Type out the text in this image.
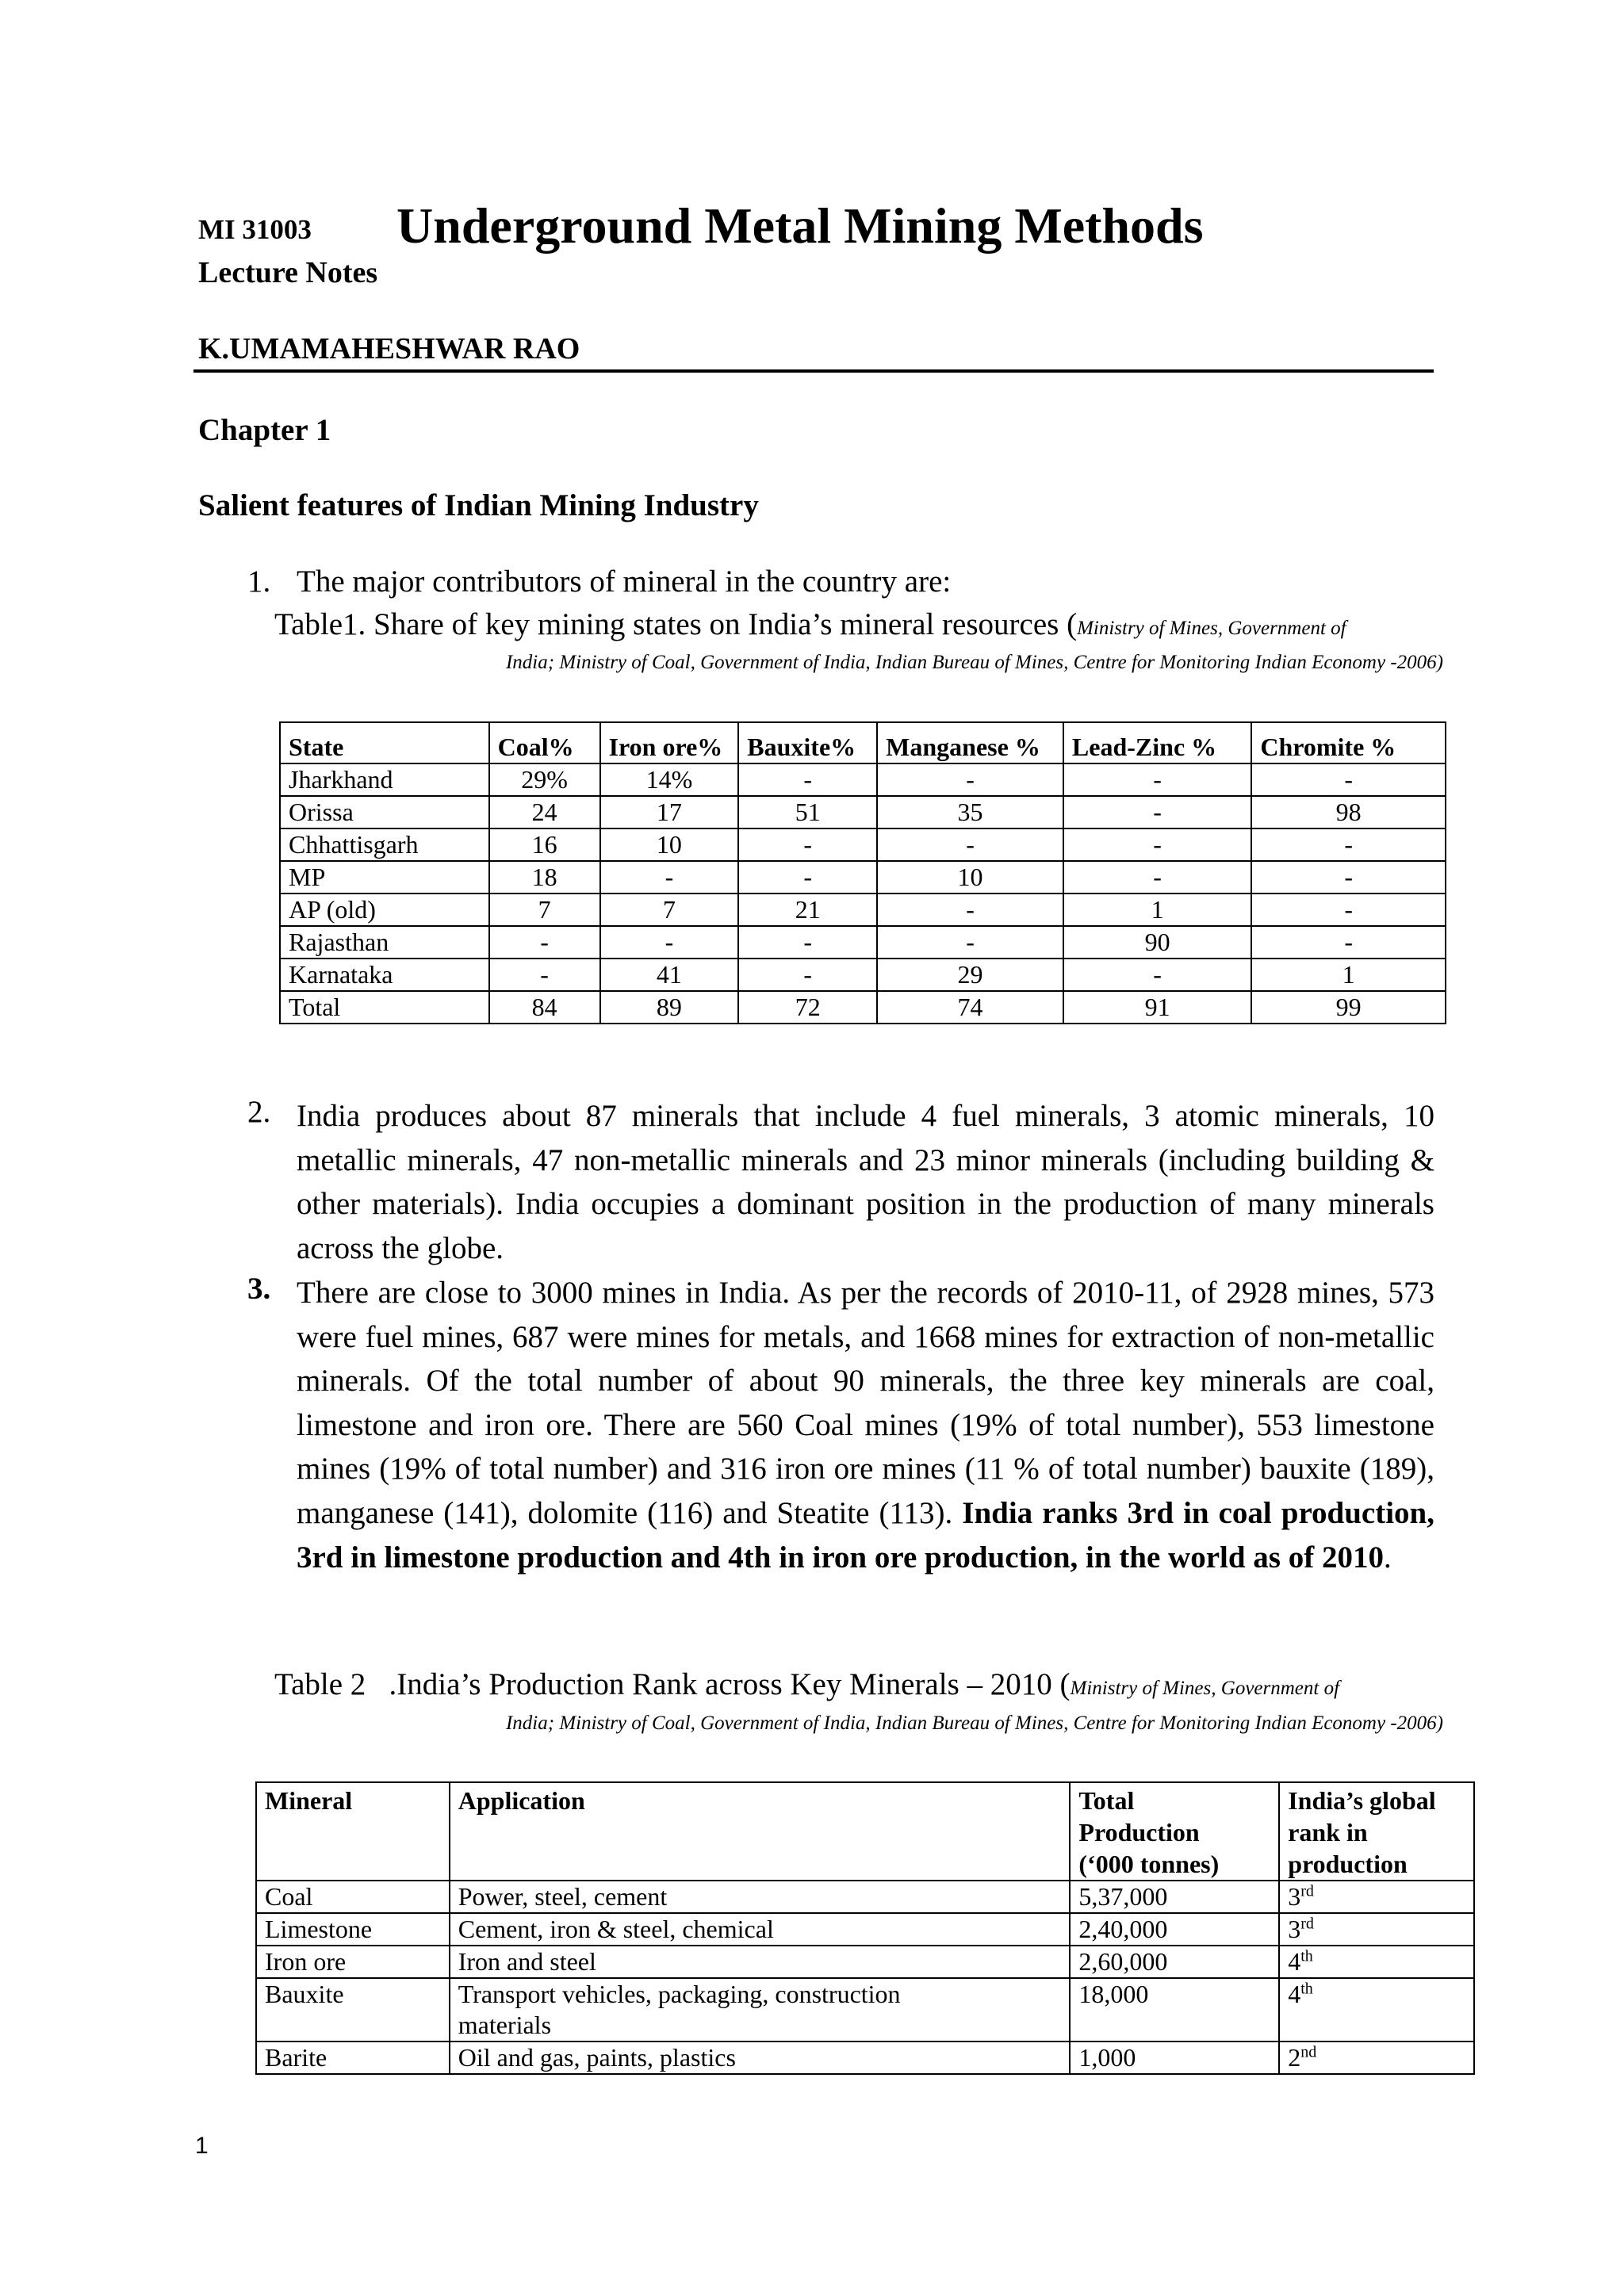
MI 31003 Underground Metal Mining Methods
Lecture Notes
K.UMAMAHESHWAR RAO
Chapter 1
Salient features of Indian Mining Industry
1. The major contributors of mineral in the country are:
Table1. Share of key mining states on India’s mineral resources (Ministry of Mines, Government of
India; Ministry of Coal, Government of India, Indian Bureau of Mines, Centre for Monitoring Indian Economy -2006)
State	Coal%	Iron ore%	Bauxite%	Manganese %	Lead-Zinc %	Chromite %
Jharkhand	29%	14%	-	-	-	-
Orissa	24	17	51	35	-	98
Chhattisgarh	16	10	-	-	-	-
MP	18	-	-	10	-	-
AP (old)	7	7	21	-	1	-
Rajasthan	-	-	-	-	90	-
Karnataka	-	41	-	29	-	1
Total	84	89	72	74	91	99
2. India produces about 87 minerals that include 4 fuel minerals, 3 atomic minerals, 10 metallic minerals, 47 non-metallic minerals and 23 minor minerals (including building & other materials). India occupies a dominant position in the production of many minerals across the globe.
3. There are close to 3000 mines in India. As per the records of 2010-11, of 2928 mines, 573 were fuel mines, 687 were mines for metals, and 1668 mines for extraction of non-metallic minerals. Of the total number of about 90 minerals, the three key minerals are coal, limestone and iron ore. There are 560 Coal mines (19% of total number), 553 limestone mines (19% of total number) and 316 iron ore mines (11 % of total number) bauxite (189), manganese (141), dolomite (116) and Steatite (113). India ranks 3rd in coal production, 3rd in limestone production and 4th in iron ore production, in the world as of 2010.
Table 2   .India’s Production Rank across Key Minerals – 2010 (Ministry of Mines, Government of
India; Ministry of Coal, Government of India, Indian Bureau of Mines, Centre for Monitoring Indian Economy -2006)
Mineral	Application	Total Production (‘000 tonnes)	India’s global rank in production
Coal	Power, steel, cement	5,37,000	3rd
Limestone	Cement, iron & steel, chemical	2,40,000	3rd
Iron ore	Iron and steel	2,60,000	4th
Bauxite	Transport vehicles, packaging, construction materials	18,000	4th
Barite	Oil and gas, paints, plastics	1,000	2nd
1
